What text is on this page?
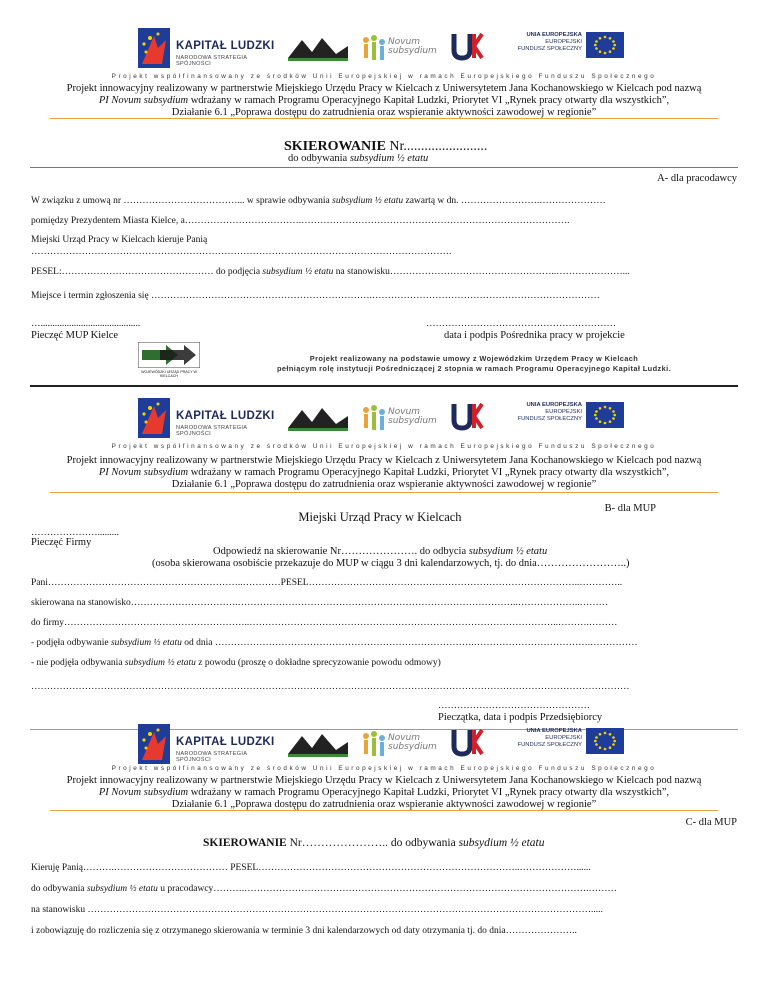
KAPITAŁ LUDZKI
NARODOWA STRATEGIA SPÓJNOŚCI
Novum
subsydium
UNIA EUROPEJSKA
EUROPEJSKI
FUNDUSZ SPOŁECZNY
Projekt współfinansowany ze środków Unii Europejskiej w ramach Europejskiego Funduszu Społecznego
Projekt innowacyjny realizowany w partnerstwie Miejskiego Urzędu Pracy w Kielcach z Uniwersytetem Jana Kochanowskiego w Kielcach pod nazwą
PI Novum subsydium wdrażany w ramach Programu Operacyjnego Kapitał Ludzki, Priorytet VI „Rynek pracy otwarty dla wszystkich”,
Działanie 6.1 „Poprawa dostępu do zatrudnienia oraz wspieranie aktywności zawodowej w regionie”
SKIEROWANIE Nr........................
do odbywania subsydium ½ etatu
A- dla pracodawcy
W związku z umową nr ………………………………... w sprawie odbywania subsydium ½ etatu zawartą w dn. …………………….…………………
pomiędzy Prezydentem Miasta Kielce, a……………………………….………………………………………………………………………….
Miejski Urząd Pracy w Kielcach kieruje Panią
…………………………………………………………………………………………………………………….
PESEL:………………………………………… do podjęcia subsydium ½ etatu na stanowisku……………………………………………..…………………...
Miejsce i termin zgłoszenia się …………………………………………………………….………………………………………………………………
…..........................................
Pieczęć MUP Kielce
……………………………………………………
data i podpis Pośrednika pracy w projekcie
WOJEWÓDZKI URZĄD PRACY W KIELCACH
Projekt realizowany na podstawie umowy z Wojewódzkim Urzędem Pracy w Kielcach
pełniącym rolę instytucji Pośredniczącej 2 stopnia w ramach Programu Operacyjnego Kapitał Ludzki.
KAPITAŁ LUDZKI
NARODOWA STRATEGIA SPÓJNOŚCI
Novum
subsydium
UNIA EUROPEJSKA
EUROPEJSKI
FUNDUSZ SPOŁECZNY
Projekt współfinansowany ze środków Unii Europejskiej w ramach Europejskiego Funduszu Społecznego
Projekt innowacyjny realizowany w partnerstwie Miejskiego Urzędu Pracy w Kielcach z Uniwersytetem Jana Kochanowskiego w Kielcach pod nazwą
PI Novum subsydium wdrażany w ramach Programu Operacyjnego Kapitał Ludzki, Priorytet VI „Rynek pracy otwarty dla wszystkich”,
Działanie 6.1 „Poprawa dostępu do zatrudnienia oraz wspieranie aktywności zawodowej w regionie”
B- dla MUP
Miejski Urząd Pracy w Kielcach
………………….........
Pieczęć Firmy
Odpowiedź na skierowanie Nr…………………. do odbycia subsydium ½ etatu
(osoba skierowana osobiście przekazuje do MUP w ciągu 3 dni kalendarzowych, tj. do dnia……………………..)
Pani……………………………………………………..…………PESEL…………………………………………………………………………..…………..
skierowana na stanowisko…………………………….……………………………………………………………………………..………………..………
do firmy…………………………………………………..……………………………………………………………………………………..……….………
- podjęła odbywanie subsydium ½ etatu od dnia ……………………………………………………………………….……………………………….……………
- nie podjęła odbywania subsydium ½ etatu z powodu (proszę o dokładne sprecyzowanie powodu odmowy)
………………………………………………………………………………………………………………………………………………………………………
…………………………………………
Pieczątka, data i podpis Przedsiębiorcy
KAPITAŁ LUDZKI
NARODOWA STRATEGIA SPÓJNOŚCI
Novum
subsydium
UNIA EUROPEJSKA
EUROPEJSKI
FUNDUSZ SPOŁECZNY
Projekt współfinansowany ze środków Unii Europejskiej w ramach Europejskiego Funduszu Społecznego
Projekt innowacyjny realizowany w partnerstwie Miejskiego Urzędu Pracy w Kielcach z Uniwersytetem Jana Kochanowskiego w Kielcach pod nazwą
PI Novum subsydium wdrażany w ramach Programu Operacyjnego Kapitał Ludzki, Priorytet VI „Rynek pracy otwarty dla wszystkich”,
Działanie 6.1 „Poprawa dostępu do zatrudnienia oraz wspieranie aktywności zawodowej w regionie”
C- dla MUP
SKIEROWANIE Nr………………….. do odbywania subsydium ½ etatu
Kieruję Panią……….……………………………… PESEL………………………………………………………………………..………………......
do odbywania subsydium ½ etatu u pracodawcy……….……………………………………………………………………………………………….………
na stanowisku …………………………………………………………………………………………………………………………………………….....
i zobowiązuję do rozliczenia się z otrzymanego skierowania w terminie 3 dni kalendarzowych od daty otrzymania tj. do dnia…………………..
